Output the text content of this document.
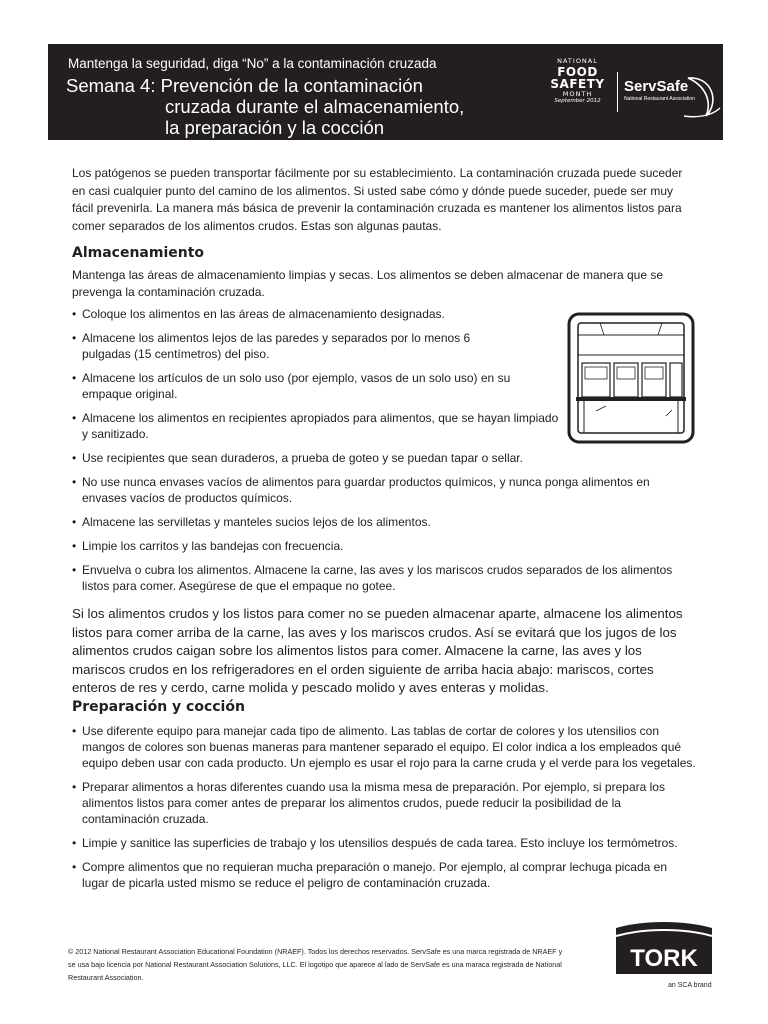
Mantenga la seguridad, diga “No” a la contaminación cruzada
Semana 4: Prevención de la contaminación
cruzada durante el almacenamiento,
la preparación y la cocción
NATIONAL
FOOD
SAFETY
MONTH
September 2012
ServSafe
National Restaurant Association

Los patógenos se pueden transportar fácilmente por su establecimiento. La contaminación cruzada puede suceder en casi cualquier punto del camino de los alimentos. Si usted sabe cómo y dónde puede suceder, puede ser muy fácil prevenirla. La manera más básica de prevenir la contaminación cruzada es mantener los alimentos listos para comer separados de los alimentos crudos. Estas son algunas pautas.

Almacenamiento

Mantenga las áreas de almacenamiento limpias y secas. Los alimentos se deben almacenar de manera que se prevenga la contaminación cruzada.

• Coloque los alimentos en las áreas de almacenamiento designadas.
• Almacene los alimentos lejos de las paredes y separados por lo menos 6 pulgadas (15 centímetros) del piso.
• Almacene los artículos de un solo uso (por ejemplo, vasos de un solo uso) en su empaque original.
• Almacene los alimentos en recipientes apropiados para alimentos, que se hayan limpiado y sanitizado.
• Use recipientes que sean duraderos, a prueba de goteo y se puedan tapar o sellar.
• No use nunca envases vacíos de alimentos para guardar productos químicos, y nunca ponga alimentos en envases vacíos de productos químicos.
• Almacene las servilletas y manteles sucios lejos de los alimentos.
• Limpie los carritos y las bandejas con frecuencia.
• Envuelva o cubra los alimentos. Almacene la carne, las aves y los mariscos crudos separados de los alimentos listos para comer. Asegúrese de que el empaque no gotee.

Si los alimentos crudos y los listos para comer no se pueden almacenar aparte, almacene los alimentos listos para comer arriba de la carne, las aves y los mariscos crudos. Así se evitará que los jugos de los alimentos crudos caigan sobre los alimentos listos para comer. Almacene la carne, las aves y los mariscos crudos en los refrigeradores en el orden siguiente de arriba hacia abajo: mariscos, cortes enteros de res y cerdo, carne molida y pescado molido y aves enteras y molidas.

Preparación y cocción
• Use diferente equipo para manejar cada tipo de alimento. Las tablas de cortar de colores y los utensilios con mangos de colores son buenas maneras para mantener separado el equipo. El color indica a los empleados qué equipo deben usar con cada producto. Un ejemplo es usar el rojo para la carne cruda y el verde para los vegetales.
• Preparar alimentos a horas diferentes cuando usa la misma mesa de preparación. Por ejemplo, si prepara los alimentos listos para comer antes de preparar los alimentos crudos, puede reducir la posibilidad de la contaminación cruzada.
• Limpie y sanitice las superficies de trabajo y los utensilios después de cada tarea. Esto incluye los termómetros.
• Compre alimentos que no requieran mucha preparación o manejo. Por ejemplo, al comprar lechuga picada en lugar de picarla usted mismo se reduce el peligro de contaminación cruzada.
© 2012 National Restaurant Association Educational Foundation (NRAEF). Todos los derechos reservados. ServSafe es una marca registrada de NRAEF y se usa bajo licencia por National Restaurant Association Solutions, LLC. El logotipo que aparece al lado de ServSafe es una maraca registrada de National Restaurant Association.
TORK
an SCA brand
